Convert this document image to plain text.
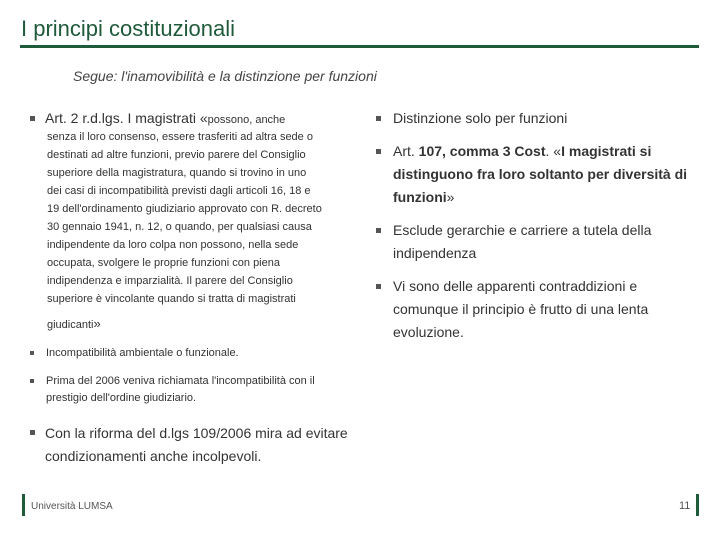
I principi costituzionali
Segue: l'inamovibilità e la distinzione per funzioni
Art. 2 r.d.lgs. I magistrati «possono, anche
senza il loro consenso, essere trasferiti ad altra sede o
destinati ad altre funzioni, previo parere del Consiglio
superiore della magistratura, quando si trovino in uno
dei casi di incompatibilità previsti dagli articoli 16, 18 e
19 dell'ordinamento giudiziario approvato con R. decreto
30 gennaio 1941, n. 12, o quando, per qualsiasi causa
indipendente da loro colpa non possono, nella sede
occupata, svolgere le proprie funzioni con piena
indipendenza e imparzialità. Il parere del Consiglio
superiore è vincolante quando si tratta di magistrati
giudicanti»
Incompatibilità ambientale o funzionale.
Prima del 2006 veniva richiamata l'incompatibilità con il prestigio dell'ordine giudiziario.
Con la riforma del d.lgs 109/2006 mira ad evitare condizionamenti anche incolpevoli.
Distinzione solo per funzioni
Art. 107, comma 3 Cost. «I magistrati si distinguono fra loro soltanto per diversità di funzioni»
Esclude gerarchie e carriere a tutela della indipendenza
Vi sono delle apparenti contraddizioni e comunque il principio è frutto di una lenta evoluzione.
Università LUMSA	11
